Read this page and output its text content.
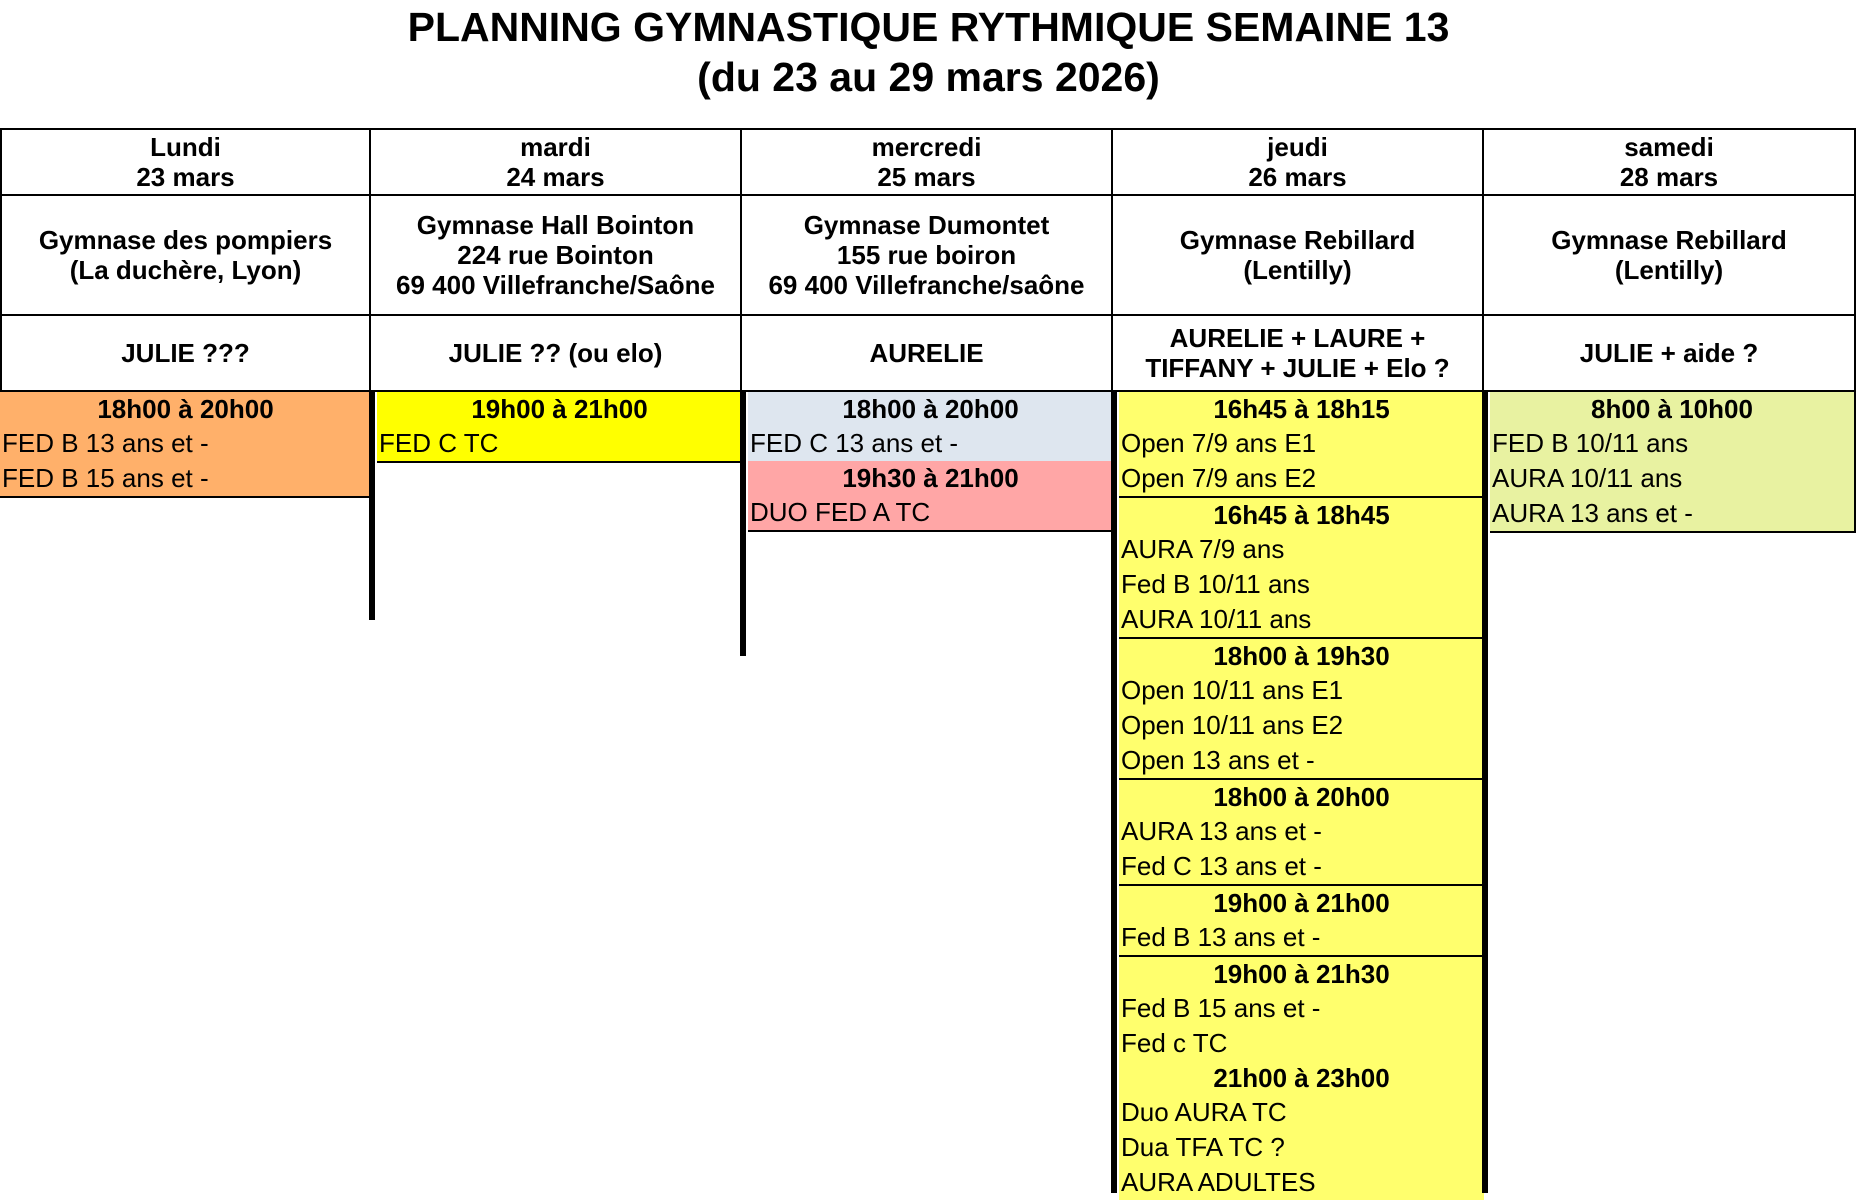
PLANNING GYMNASTIQUE RYTHMIQUE SEMAINE 13
(du 23 au 29 mars 2026)
Lundi
23 mars
Gymnase des pompiers
(La duchère, Lyon)
JULIE ???
18h00 à 20h00
FED B 13 ans et -
FED B 15 ans et -
mardi
24 mars
Gymnase Hall Bointon
224 rue Bointon
69 400 Villefranche/Saône
JULIE ?? (ou elo)
19h00 à 21h00
FED C TC
mercredi
25 mars
Gymnase Dumontet
155 rue boiron
69 400 Villefranche/saône
AURELIE
18h00 à 20h00
FED C 13 ans et -
19h30 à 21h00
DUO FED A TC
jeudi
26 mars
Gymnase Rebillard
(Lentilly)
AURELIE + LAURE +
TIFFANY + JULIE + Elo ?
16h45 à 18h15
Open 7/9 ans E1
Open 7/9 ans E2
16h45 à 18h45
AURA 7/9 ans
Fed B 10/11 ans
AURA 10/11 ans
18h00 à 19h30
Open 10/11 ans E1
Open 10/11 ans E2
Open 13 ans et -
18h00 à 20h00
AURA 13 ans et -
Fed C 13 ans et -
19h00 à 21h00
Fed B 13 ans et -
19h00 à 21h30
Fed B 15 ans et -
Fed c TC
21h00 à 23h00
Duo AURA TC
Dua TFA TC ?
AURA ADULTES
samedi
28 mars
Gymnase Rebillard
(Lentilly)
JULIE + aide ?
8h00 à 10h00
FED B 10/11 ans
AURA 10/11 ans
AURA 13 ans et -
